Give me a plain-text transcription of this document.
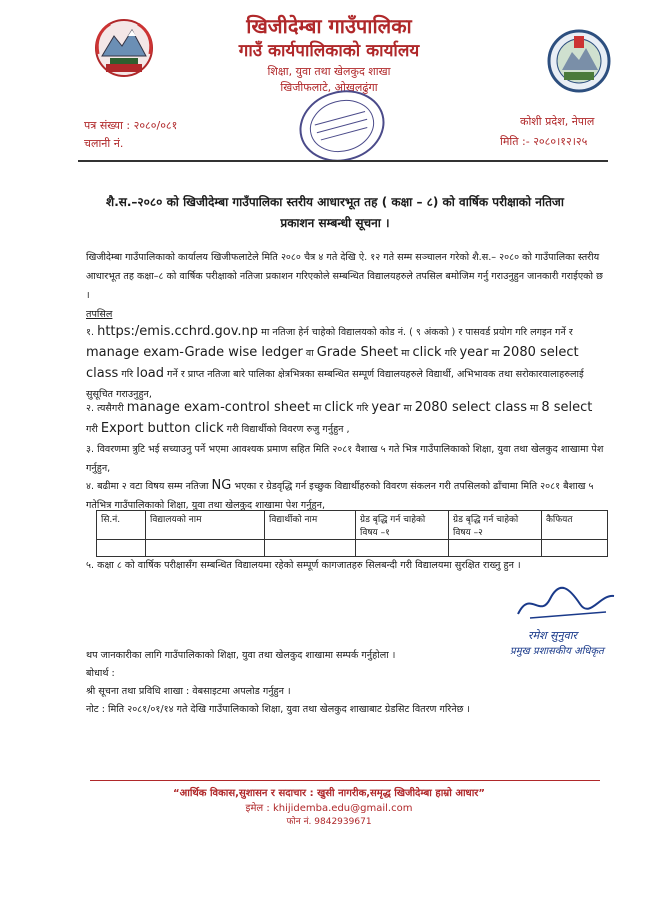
खिजीदेम्बा गाउँपालिका
गाउँ कार्यपालिकाको कार्यालय
शिक्षा, युवा तथा खेलकुद शाखा
खिजीफलाटे, ओखलढुंगा
कोशी प्रदेश, नेपाल
पत्र संख्या : २०८०/०८१
चलानी नं.	मिति :- २०८०।१२।२५
शै.स.–२०८० को खिजीदेम्बा गाउँपालिका स्तरीय आधारभूत तह ( कक्षा – ८) को वार्षिक परीक्षाको नतिजा प्रकाशन सम्बन्धी सूचना ।
खिजीदेम्बा गाउँपालिकाको कार्यालय खिजीफलाटेले मिति २०८० चैत्र ४ गते देखि ऐ. १२ गते सम्म सञ्चालन गरेको शै.स.– २०८० को गाउँपालिका स्तरीय आधारभूत तह कक्षा–८ को वार्षिक परीक्षाको नतिजा प्रकाशन गरिएकोले सम्बन्धित विद्यालयहरुले तपसिल बमोजिम गर्नु गराउनुहुन जानकारी गराईएको छ ।
तपसिल
१. https:/emis.cchrd.gov.np मा नतिजा हेर्न चाहेको विद्यालयको कोड नं. ( ९ अंकको ) र पासवर्ड प्रयोग गरि लगइन गर्ने र manage exam-Grade wise ledger वा Grade Sheet मा click गरि year मा 2080 select class गरि load गर्ने र प्राप्त नतिजा बारे पालिका क्षेत्रभित्रका सम्बन्धित सम्पूर्ण विद्यालयहरुले विद्यार्थी, अभिभावक तथा सरोकारवालाहरुलाई सुसूचित गराउनुहुन,
२. त्यसैगरी manage exam-control sheet मा click गरि year मा 2080 select class मा 8 select गरी Export button click गरी विद्यार्थीको विवरण रुजु गर्नुहुन ,
३. विवरणमा त्रुटि भई सच्याउनु पर्ने भएमा आवश्यक प्रमाण सहित मिति २०८१ वैशाख ५ गते भित्र गाउँपालिकाको शिक्षा, युवा तथा खेलकुद शाखामा पेश गर्नुहुन,
४. बढीमा २ वटा विषय सम्म नतिजा NG भएका र ग्रेडवृद्धि गर्न इच्छुक विद्यार्थीहरुको विवरण संकलन गरी तपसिलको ढाँचामा मिति २०८१ बैशाख ५ गतेभित्र गाउँपालिकाको शिक्षा, युवा तथा खेलकुद शाखामा पेश गर्नुहुन,
सि.नं.	विद्यालयको नाम	विद्यार्थीको नाम	ग्रेड बृद्धि गर्न चाहेको विषय –१	ग्रेड बृद्धि गर्न चाहेको विषय –२	कैफियत

५. कक्षा ८ को वार्षिक परीक्षासँग सम्बन्धित विद्यालयमा रहेको सम्पूर्ण कागजातहरु सिलबन्दी गरी विद्यालयमा सुरक्षित राख्नु हुन ।
रमेश सुनुवार
प्रमुख प्रशासकीय अधिकृत
थप जानकारीका लागि गाउँपालिकाको शिक्षा, युवा तथा खेलकुद शाखामा सम्पर्क गर्नुहोला ।
बोधार्थ :
श्री सूचना तथा प्रविधि शाखा : वेबसाइटमा अपलोड गर्नुहुन ।
नोट : मिति २०८१/०१/१४ गते देखि गाउँपालिकाको शिक्षा, युवा तथा खेलकुद शाखाबाट ग्रेडसिट वितरण गरिनेछ ।
“आर्थिक विकास,सुशासन र सदाचार : खुसी नागरीक,समृद्ध खिजीदेम्बा हाम्रो आधार”
इमेल : khijidemba.edu@gmail.com
फोन नं. 9842939671
